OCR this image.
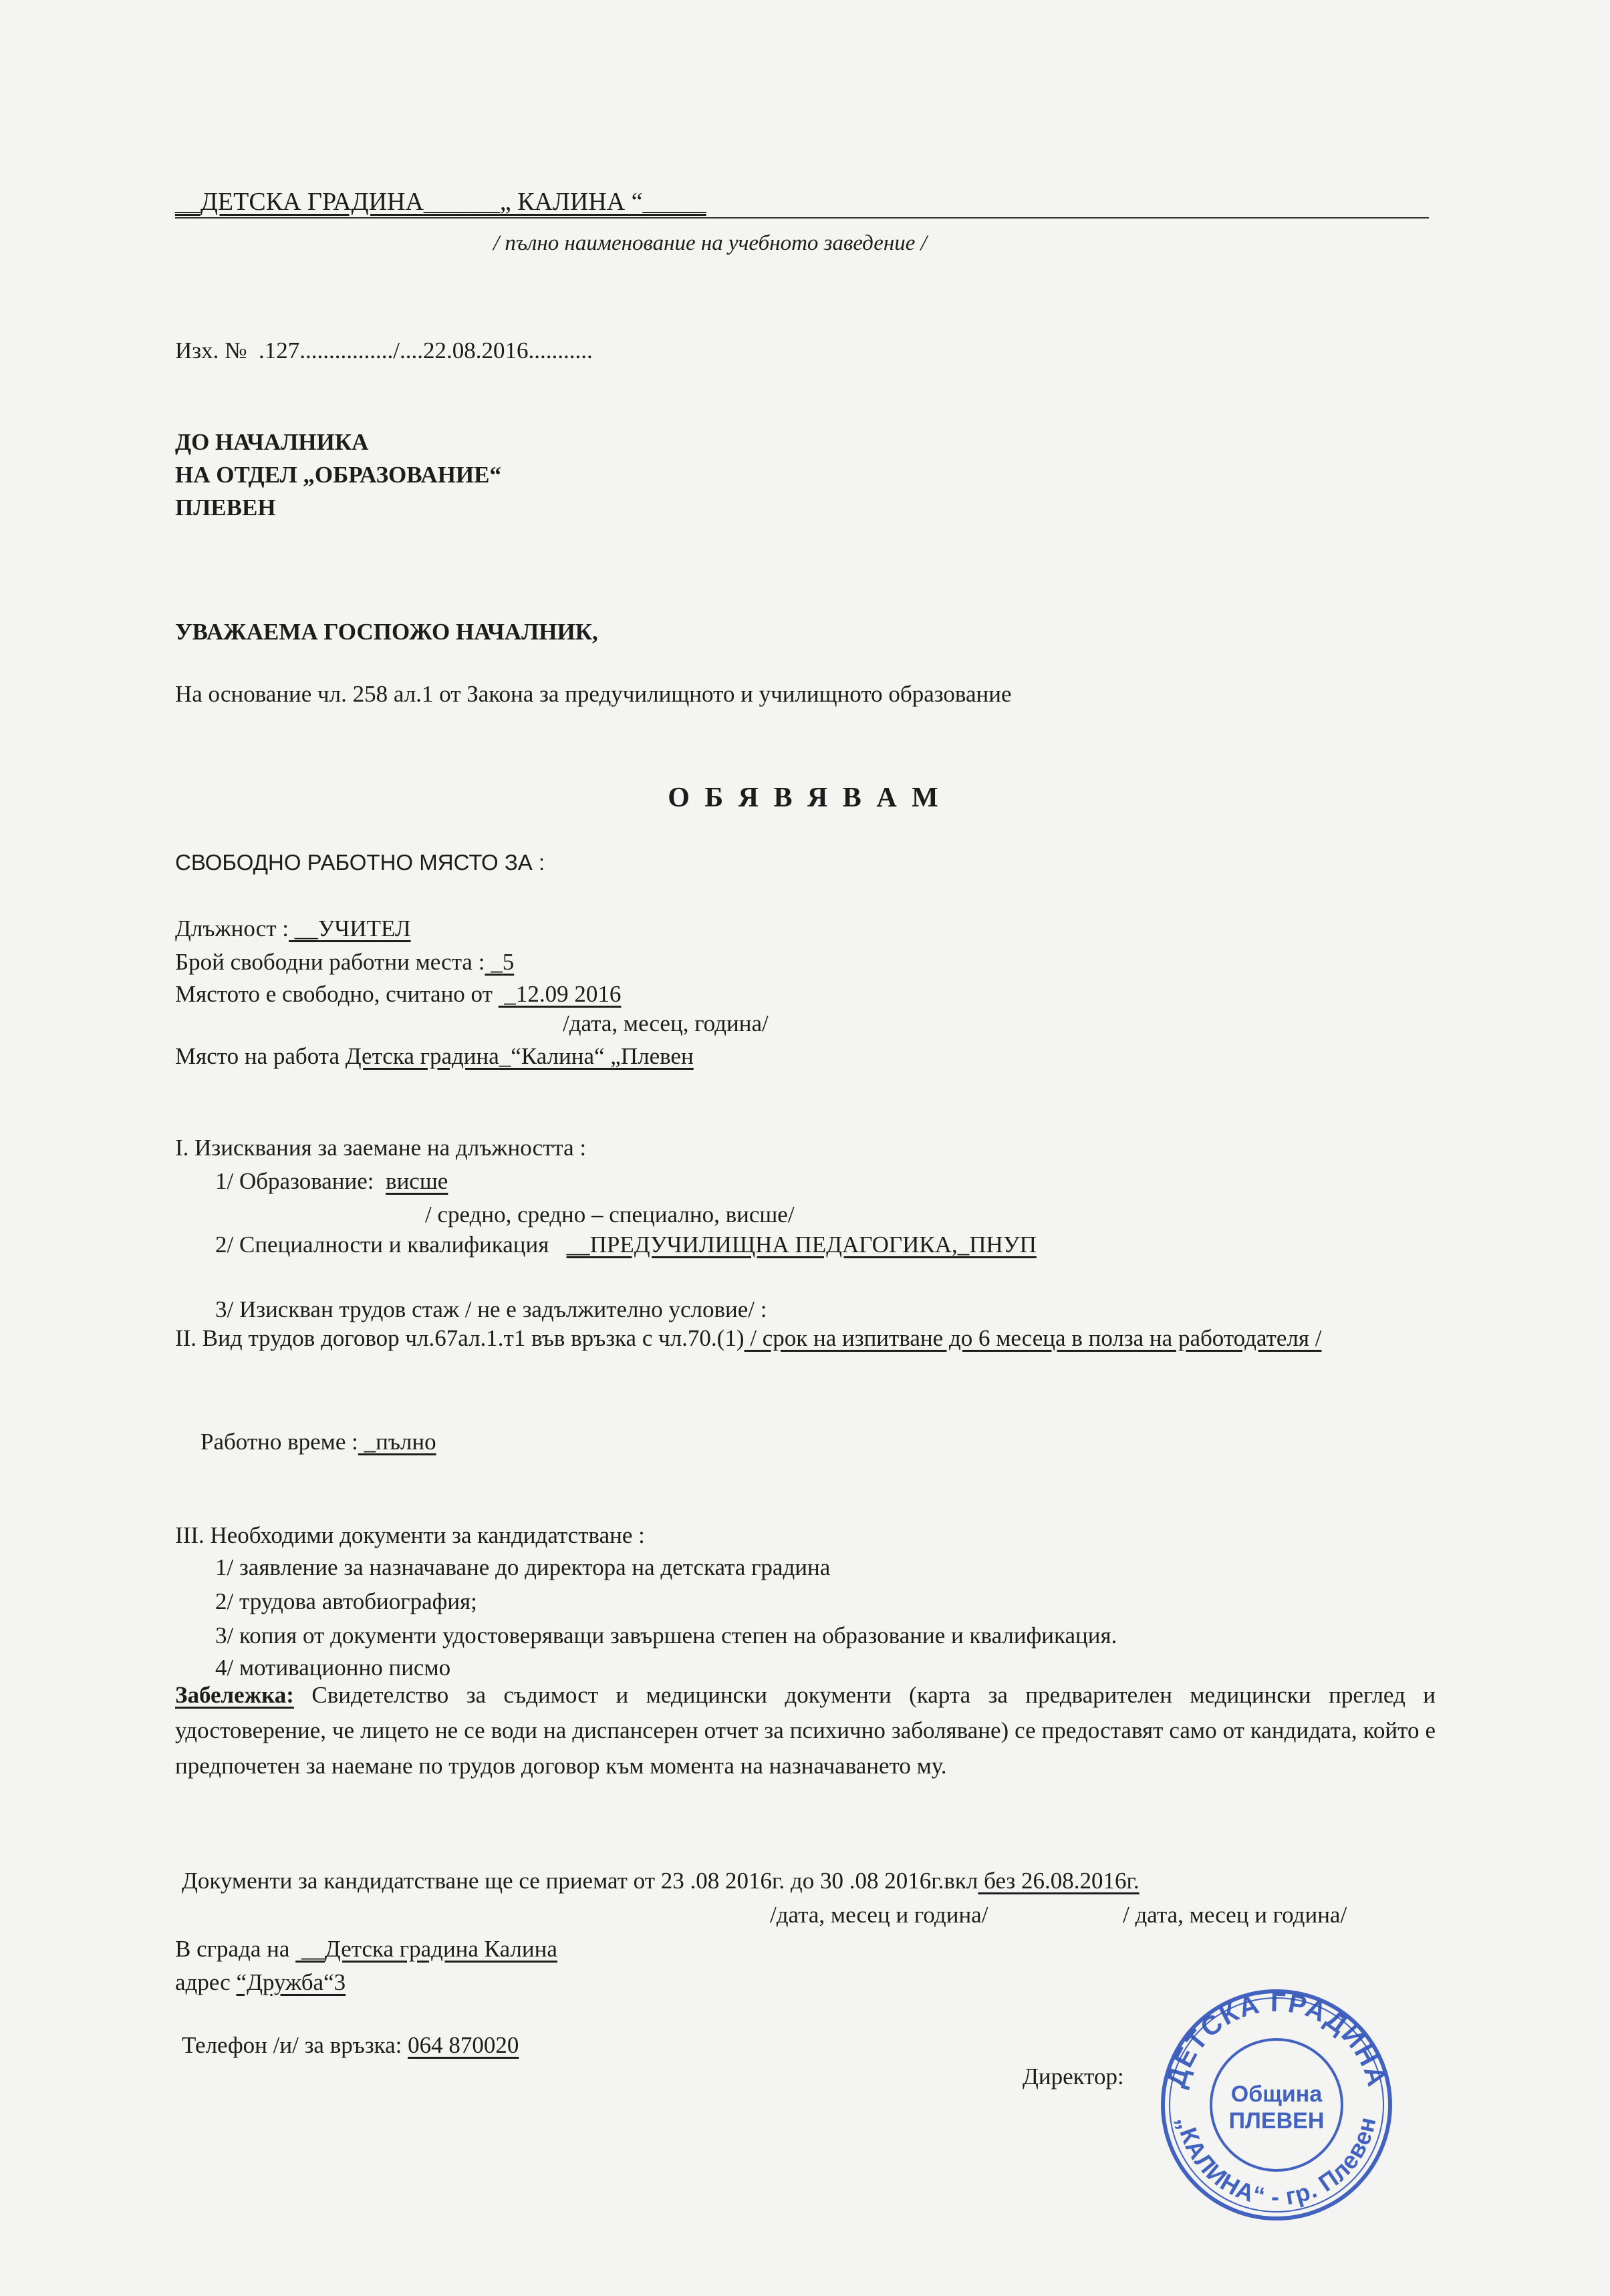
__ДЕТСКА ГРАДИНА______„ КАЛИНА “_____
/ пълно наименование на учебното заведение /
Изх. № .127................/....22.08.2016...........
ДО НАЧАЛНИКА
НА ОТДЕЛ „ОБРАЗОВАНИЕ“
ПЛЕВЕН
УВАЖАЕМА ГОСПОЖО НАЧАЛНИК,
На основание чл. 258 ал.1 от Закона за предучилищното и училищното образование
О Б Я В Я В А М
СВОБОДНО РАБОТНО МЯСТО ЗА :
Длъжност : __УЧИТЕЛ
Брой свободни работни места : _5
Мястото е свободно, считано от  _12.09 2016
/дата, месец, година/
Място на работа Детска градина_“Калина“ „Плевен
I. Изисквания за заемане на длъжността :
1/ Образование: висше
/ средно, средно – специално, висше/
2/ Специалности и квалификация __ПРЕДУЧИЛИЩНА ПЕДАГОГИКА,_ПНУП
3/ Изискван трудов стаж / не е задължително условие/ :
II. Вид трудов договор чл.67ал.1.т1 във връзка с чл.70.(1) / срок на изпитване до 6 месеца в полза на работодателя /
Работно време : _пълно
III. Необходими документи за кандидатстване :
1/ заявление за назначаване до директора на детската градина
2/ трудова автобиография;
3/ копия от документи удостоверяващи завършена степен на образование и квалификация.
4/ мотивационно писмо
Забележка: Свидетелство за съдимост и медицински документи (карта за предварителен медицински преглед и удостоверение, че лицето не се води на диспансерен отчет за психично заболяване) се предоставят само от кандидата, който е предпочетен за наемане по трудов договор към момента на назначаването му.
Документи за кандидатстване ще се приемат от 23 .08 2016г. до 30 .08 2016г.вкл без 26.08.2016г.
/дата, месец и година/	/ дата, месец и година/
В сграда на  __Детска градина Калина
адрес “Дружба“3
Телефон /и/ за връзка: 064 870020
Директор: ДЕТСКА ГРАДИНА
„КАЛИНА“ - гр. Плевен
Община
ПЛЕВЕН
